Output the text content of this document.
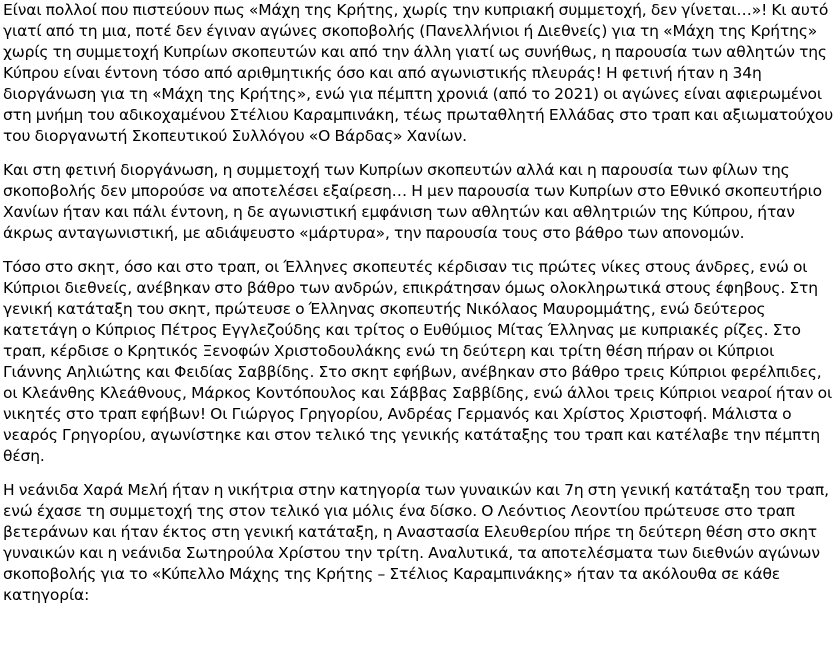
Είναι πολλοί που πιστεύουν πως «Μάχη της Κρήτης, χωρίς την κυπριακή συμμετοχή, δεν γίνεται…»! Κι αυτό γιατί από τη μια, ποτέ δεν έγιναν αγώνες σκοποβολής (Πανελλήνιοι ή Διεθνείς) για τη «Μάχη της Κρήτης» χωρίς τη συμμετοχή Κυπρίων σκοπευτών και από την άλλη γιατί ως συνήθως, η παρουσία των αθλητών της Κύπρου είναι έντονη τόσο από αριθμητικής όσο και από αγωνιστικής πλευράς! Η φετινή ήταν η 34η διοργάνωση για τη «Μάχη της Κρήτης», ενώ για πέμπτη χρονιά (από το 2021) οι αγώνες είναι αφιερωμένοι στη μνήμη του αδικοχαμένου Στέλιου Καραμπινάκη, τέως πρωταθλητή Ελλάδας στο τραπ και αξιωματούχου του διοργανωτή Σκοπευτικού Συλλόγου «Ο Βάρδας» Χανίων.

Και στη φετινή διοργάνωση, η συμμετοχή των Κυπρίων σκοπευτών αλλά και η παρουσία των φίλων της σκοποβολής δεν μπορούσε να αποτελέσει εξαίρεση… Η μεν παρουσία των Κυπρίων στο Εθνικό σκοπευτήριο Χανίων ήταν και πάλι έντονη, η δε αγωνιστική εμφάνιση των αθλητών και αθλητριών της Κύπρου, ήταν άκρως ανταγωνιστική, με αδιάψευστο «μάρτυρα», την παρουσία τους στο βάθρο των απονομών.

Τόσο στο σκητ, όσο και στο τραπ, οι Έλληνες σκοπευτές κέρδισαν τις πρώτες νίκες στους άνδρες, ενώ οι Κύπριοι διεθνείς, ανέβηκαν στο βάθρο των ανδρών, επικράτησαν όμως ολοκληρωτικά στους έφηβους. Στη γενική κατάταξη του σκητ, πρώτευσε ο Έλληνας σκοπευτής Νικόλαος Μαυρομμάτης, ενώ δεύτερος κατετάγη ο Κύπριος Πέτρος Εγγλεζούδης και τρίτος ο Ευθύμιος Μίτας Έλληνας με κυπριακές ρίζες. Στο τραπ, κέρδισε ο Κρητικός Ξενοφών Χριστοδουλάκης ενώ τη δεύτερη και τρίτη θέση πήραν οι Κύπριοι Γιάννης Αηλιώτης και Φειδίας Σαββίδης. Στο σκητ εφήβων, ανέβηκαν στο βάθρο τρεις Κύπριοι φερέλπιδες, οι Κλεάνθης Κλεάθνους, Μάρκος Κοντόπουλος και Σάββας Σαββίδης, ενώ άλλοι τρεις Κύπριοι νεαροί ήταν οι νικητές στο τραπ εφήβων! Οι Γιώργος Γρηγορίου, Ανδρέας Γερμανός και Χρίστος Χριστοφή. Μάλιστα ο νεαρός Γρηγορίου, αγωνίστηκε και στον τελικό της γενικής κατάταξης του τραπ και κατέλαβε την πέμπτη θέση.

Η νεάνιδα Χαρά Μελή ήταν η νικήτρια στην κατηγορία των γυναικών και 7η στη γενική κατάταξη του τραπ, ενώ έχασε τη συμμετοχή της στον τελικό για μόλις ένα δίσκο. Ο Λεόντιος Λεοντίου πρώτευσε στο τραπ βετεράνων και ήταν έκτος στη γενική κατάταξη, η Αναστασία Ελευθερίου πήρε τη δεύτερη θέση στο σκητ γυναικών και η νεάνιδα Σωτηρούλα Χρίστου την τρίτη. Αναλυτικά, τα αποτελέσματα των διεθνών αγώνων σκοποβολής για το «Κύπελλο Μάχης της Κρήτης – Στέλιος Καραμπινάκης» ήταν τα ακόλουθα σε κάθε κατηγορία:
